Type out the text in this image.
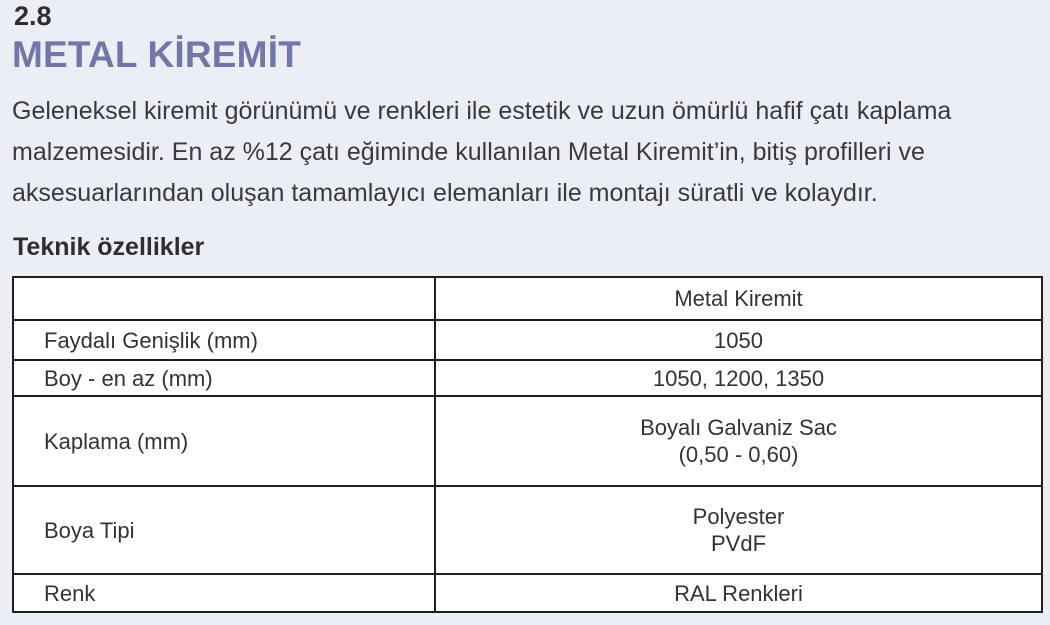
2.8
METAL KİREMİT

Geleneksel kiremit görünümü ve renkleri ile estetik ve uzun ömürlü hafif çatı kaplama
malzemesidir. En az %12 çatı eğiminde kullanılan Metal Kiremit’in, bitiş profilleri ve
aksesuarlarından oluşan tamamlayıcı elemanları ile montajı süratli ve kolaydır.

Teknik özellikler
	Metal Kiremit
Faydalı Genişlik (mm)	1050

Boy - en az (mm)	1050, 1200, 1350

Kaplama (mm)	Boyalı Galvaniz Sac
(0,50 - 0,60)

Boya Tipi	Polyester
PVdF

Renk	RAL Renkleri
